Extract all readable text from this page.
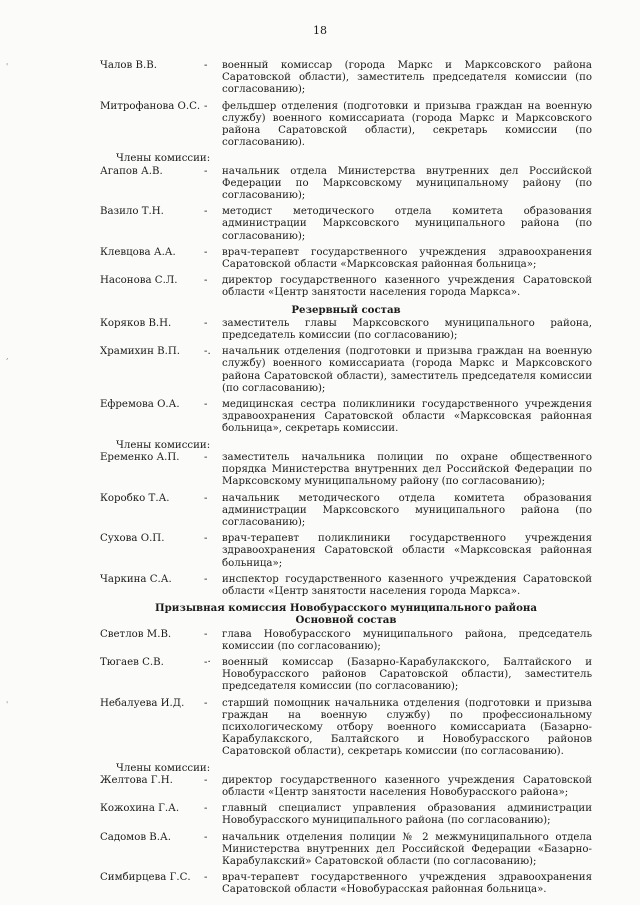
18
'
,
'
Чалов В.В.	-	военный комиссар (города Маркс и Марксовского района Саратовской области), заместитель председателя комиссии (по согласованию);
Митрофанова О.С. -	фельдшер отделения (подготовки и призыва граждан на военную службу) военного комиссариата (города Маркс и Марксовского района Саратовской области), секретарь комиссии (по согласованию).
Члены комиссии:
Агапов А.В.	-	начальник отдела Министерства внутренних дел Российской Федерации по Марксовскому муниципальному району (по согласованию);
Вазило Т.Н.	-	методист методического отдела комитета образования администрации Марксовского муниципального района (по согласованию);
Клевцова А.А.	-	врач-терапевт государственного учреждения здравоохранения Саратовской области «Марксовская районная больница»;
Насонова С.Л.	-	директор государственного казенного учреждения Саратовской области «Центр занятости населения города Маркса».
Резервный состав
Коряков В.Н.	-	заместитель главы Марксовского муниципального района, председатель комиссии (по согласованию);
Храмихин В.П.	-.	начальник отделения (подготовки и призыва граждан на военную службу) военного комиссариата (города Маркс и Марксовского района Саратовской области), заместитель председателя комиссии (по согласованию);
Ефремова О.А.	-	медицинская сестра поликлиники государственного учреждения здравоохранения Саратовской области «Марксовская районная больница», секретарь комиссии.
Члены комиссии:
Еременко А.П.	-	заместитель начальника полиции по охране общественного порядка Министерства внутренних дел Российской Федерации по Марксовскому муниципальному району (по согласованию);
Коробко Т.А.	-	начальник методического отдела комитета образования администрации Марксовского муниципального района (по согласованию);
Сухова О.П.	-	врач-терапевт поликлиники государственного учреждения здравоохранения Саратовской области «Марксовская районная больница»;
Чаркина С.А.	-	инспектор государственного казенного учреждения Саратовской области «Центр занятости населения города Маркса».
Призывная комиссия Новобурасского муниципального района
Основной состав
Светлов М.В.	-	глава Новобурасского муниципального района, председатель комиссии (по согласованию);
Тюгаев С.В.	-·	военный комиссар (Базарно-Карабулакского, Балтайского и Новобурасского районов Саратовской области), заместитель председателя комиссии (по согласованию);
Небалуева И.Д.	-	старший помощник начальника отделения (подготовки и призыва граждан на военную службу) по профессиональному психологическому отбору военного комиссариата (Базарно-Карабулакского, Балтайского и Новобурасского районов Саратовской области), секретарь комиссии (по согласованию).
Члены комиссии:
Желтова Г.Н.	-	директор государственного казенного учреждения Саратовской области «Центр занятости населения Новобурасского района»;
Кожохина Г.А.	-	главный специалист управления образования администрации Новобурасского муниципального района (по согласованию);
Садомов В.А.	-	начальник отделения полиции № 2 межмуниципального отдела Министерства внутренних дел Российской Федерации «Базарно-Карабулакский» Саратовской области (по согласованию);
Симбирцева Г.С.	-	врач-терапевт государственного учреждения здравоохранения Саратовской области «Новобурасская районная больница».
